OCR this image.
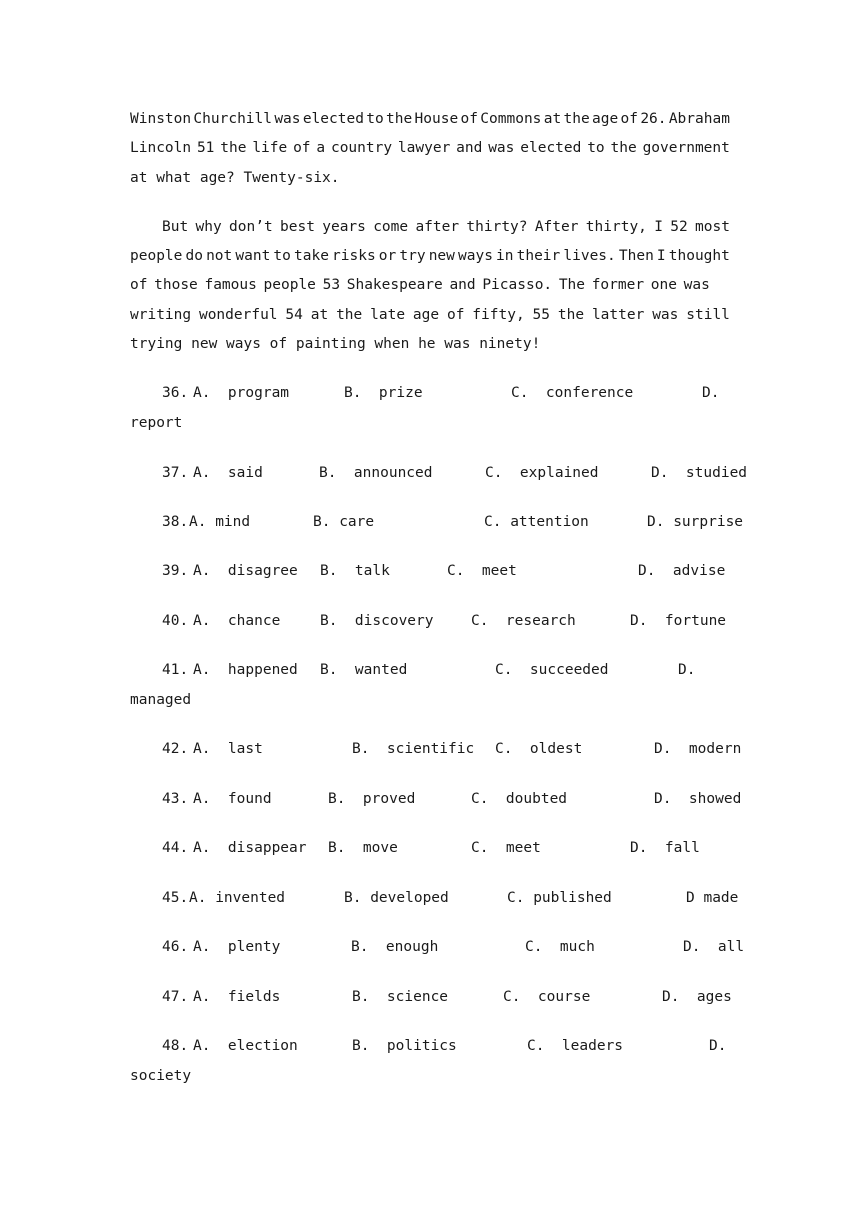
Winston Churchill was elected to the House of Commons at the age of 26. Abraham
Lincoln 51 the life of a country lawyer and was elected to the government
at what age? Twenty-six.
But why don’t best years come after thirty? After thirty, I 52 most
people do not want to take risks or try new ways in their lives. Then I thought
of those famous people 53 Shakespeare and Picasso. The former one was
writing wonderful 54 at the late age of fifty, 55 the latter was still
trying new ways of painting when he was ninety!
36. A.  program	B.  prize	C.  conference	D.
report
37. A.  said	B.  announced	C.  explained	D.  studied
38. A. mind	B. care	C. attention	D. surprise
39. A.  disagree B.  talk	C.  meet	D.  advise
40. A.  chance	B.  discovery	C.  research	D.  fortune
41. A.  happened B.  wanted	C.  succeeded	D.
managed
42. A.  last	B.  scientific C.  oldest	D.  modern
43. A.  found	B.  proved	C.  doubted	D.  showed
44. A.  disappear B.  move	C.  meet	D.  fall
45. A. invented	B. developed	C. published	D made
46. A.  plenty	B.  enough	C.  much	D.  all
47. A.  fields	B.  science	C.  course	D.  ages
48. A.  election	B.  politics	C.  leaders	D.
society
